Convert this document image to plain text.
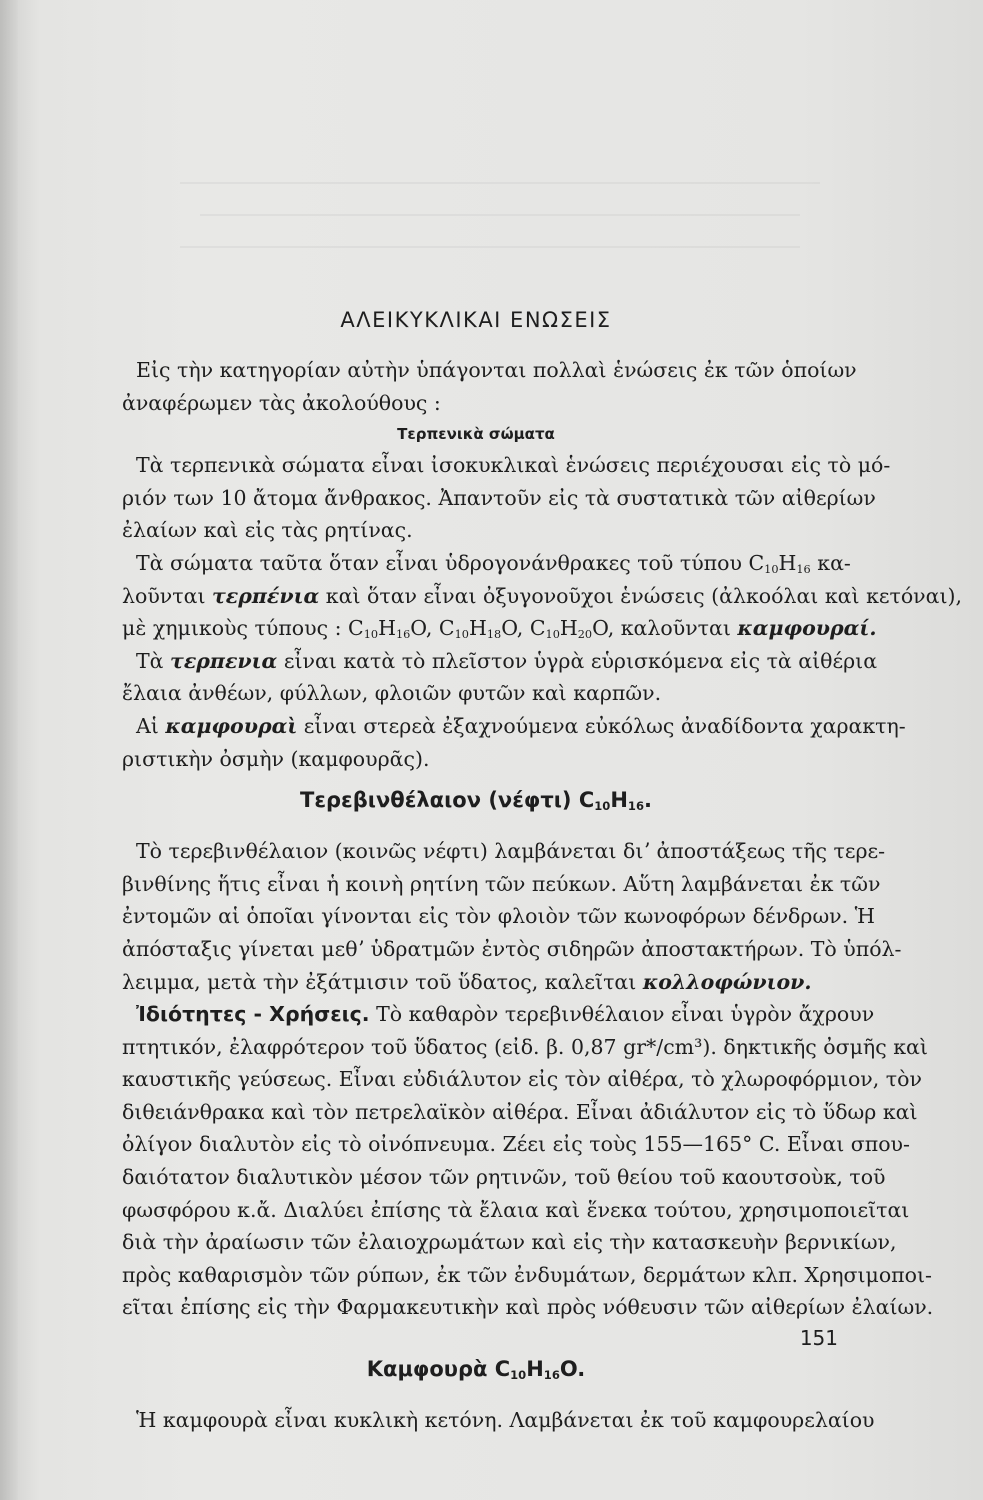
ΑΛΕΙΚΥΚΛΙΚΑΙ ΕΝΩΣΕΙΣ
Εἰς τὴν κατηγορίαν αὐτὴν ὑπάγονται πολλαὶ ἑνώσεις ἐκ τῶν ὁποίων
ἀναφέρωμεν τὰς ἀκολούθους :
Τερπενικὰ σώματα
Τὰ τερπενικὰ σώματα εἶναι ἰσοκυκλικαὶ ἑνώσεις περιέχουσαι εἰς τὸ μό-
ριόν των 10 ἄτομα ἄνθρακος. Ἀπαντοῦν εἰς τὰ συστατικὰ τῶν αἰθερίων
ἐλαίων καὶ εἰς τὰς ρητίνας.
Τὰ σώματα ταῦτα ὅταν εἶναι ὑδρογονάνθρακες τοῦ τύπου $C_{10}H_{16}$ κα-
λοῦνται τερπένια καὶ ὅταν εἶναι ὀξυγονοῦχοι ἑνώσεις (ἀλκοόλαι καὶ κετόναι),
μὲ χημικοὺς τύπους : $C_{10}H_{16}O$, $C_{10}H_{18}O$, $C_{10}H_{20}O$, καλοῦνται καμφουραί.
Τὰ τερπενια εἶναι κατὰ τὸ πλεῖστον ὑγρὰ εὑρισκόμενα εἰς τὰ αἰθέρια
ἔλαια ἀνθέων, φύλλων, φλοιῶν φυτῶν καὶ καρπῶν.
Αἱ καμφουραὶ εἶναι στερεὰ ἐξαχνούμενα εὐκόλως ἀναδίδοντα χαρακτη-
ριστικὴν ὀσμὴν (καμφουρᾶς).
Τερεβινθέλαιον (νέφτι) $C_{10}H_{16}$.
Τὸ τερεβινθέλαιον (κοινῶς νέφτι) λαμβάνεται διʼ ἀποστάξεως τῆς τερε-
βινθίνης ἥτις εἶναι ἡ κοινὴ ρητίνη τῶν πεύκων. Αὕτη λαμβάνεται ἐκ τῶν
ἐντομῶν αἱ ὁποῖαι γίνονται εἰς τὸν φλοιὸν τῶν κωνοφόρων δένδρων. Ἡ
ἀπόσταξις γίνεται μεθʼ ὑδρατμῶν ἐντὸς σιδηρῶν ἀποστακτήρων. Τὸ ὑπόλ-
λειμμα, μετὰ τὴν ἐξάτμισιν τοῦ ὕδατος, καλεῖται κολλοφώνιον.
Ἰδιότητες - Χρήσεις. Τὸ καθαρὸν τερεβινθέλαιον εἶναι ὑγρὸν ἄχρουν
πτητικόν, ἐλαφρότερον τοῦ ὕδατος (εἰδ. β. 0,87 gr*/cm³). δηκτικῆς ὀσμῆς καὶ
καυστικῆς γεύσεως. Εἶναι εὐδιάλυτον εἰς τὸν αἰθέρα, τὸ χλωροφόρμιον, τὸν
διθειάνθρακα καὶ τὸν πετρελαϊκὸν αἰθέρα. Εἶναι ἀδιάλυτον εἰς τὸ ὕδωρ καὶ
ὀλίγον διαλυτὸν εἰς τὸ οἰνόπνευμα. Ζέει εἰς τοὺς 155—165° C. Εἶναι σπου-
δαιότατον διαλυτικὸν μέσον τῶν ρητινῶν, τοῦ θείου τοῦ καουτσοὺκ, τοῦ
φωσφόρου κ.ἄ. Διαλύει ἐπίσης τὰ ἔλαια καὶ ἕνεκα τούτου, χρησιμοποιεῖται
διὰ τὴν ἀραίωσιν τῶν ἐλαιοχρωμάτων καὶ εἰς τὴν κατασκευὴν βερνικίων,
πρὸς καθαρισμὸν τῶν ρύπων, ἐκ τῶν ἐνδυμάτων, δερμάτων κλπ. Χρησιμοποι-
εῖται ἐπίσης εἰς τὴν Φαρμακευτικὴν καὶ πρὸς νόθευσιν τῶν αἰθερίων ἐλαίων.
Καμφουρὰ $C_{10}H_{16}O$.
Ἡ καμφουρὰ εἶναι κυκλικὴ κετόνη. Λαμβάνεται ἐκ τοῦ καμφουρελαίου
151
